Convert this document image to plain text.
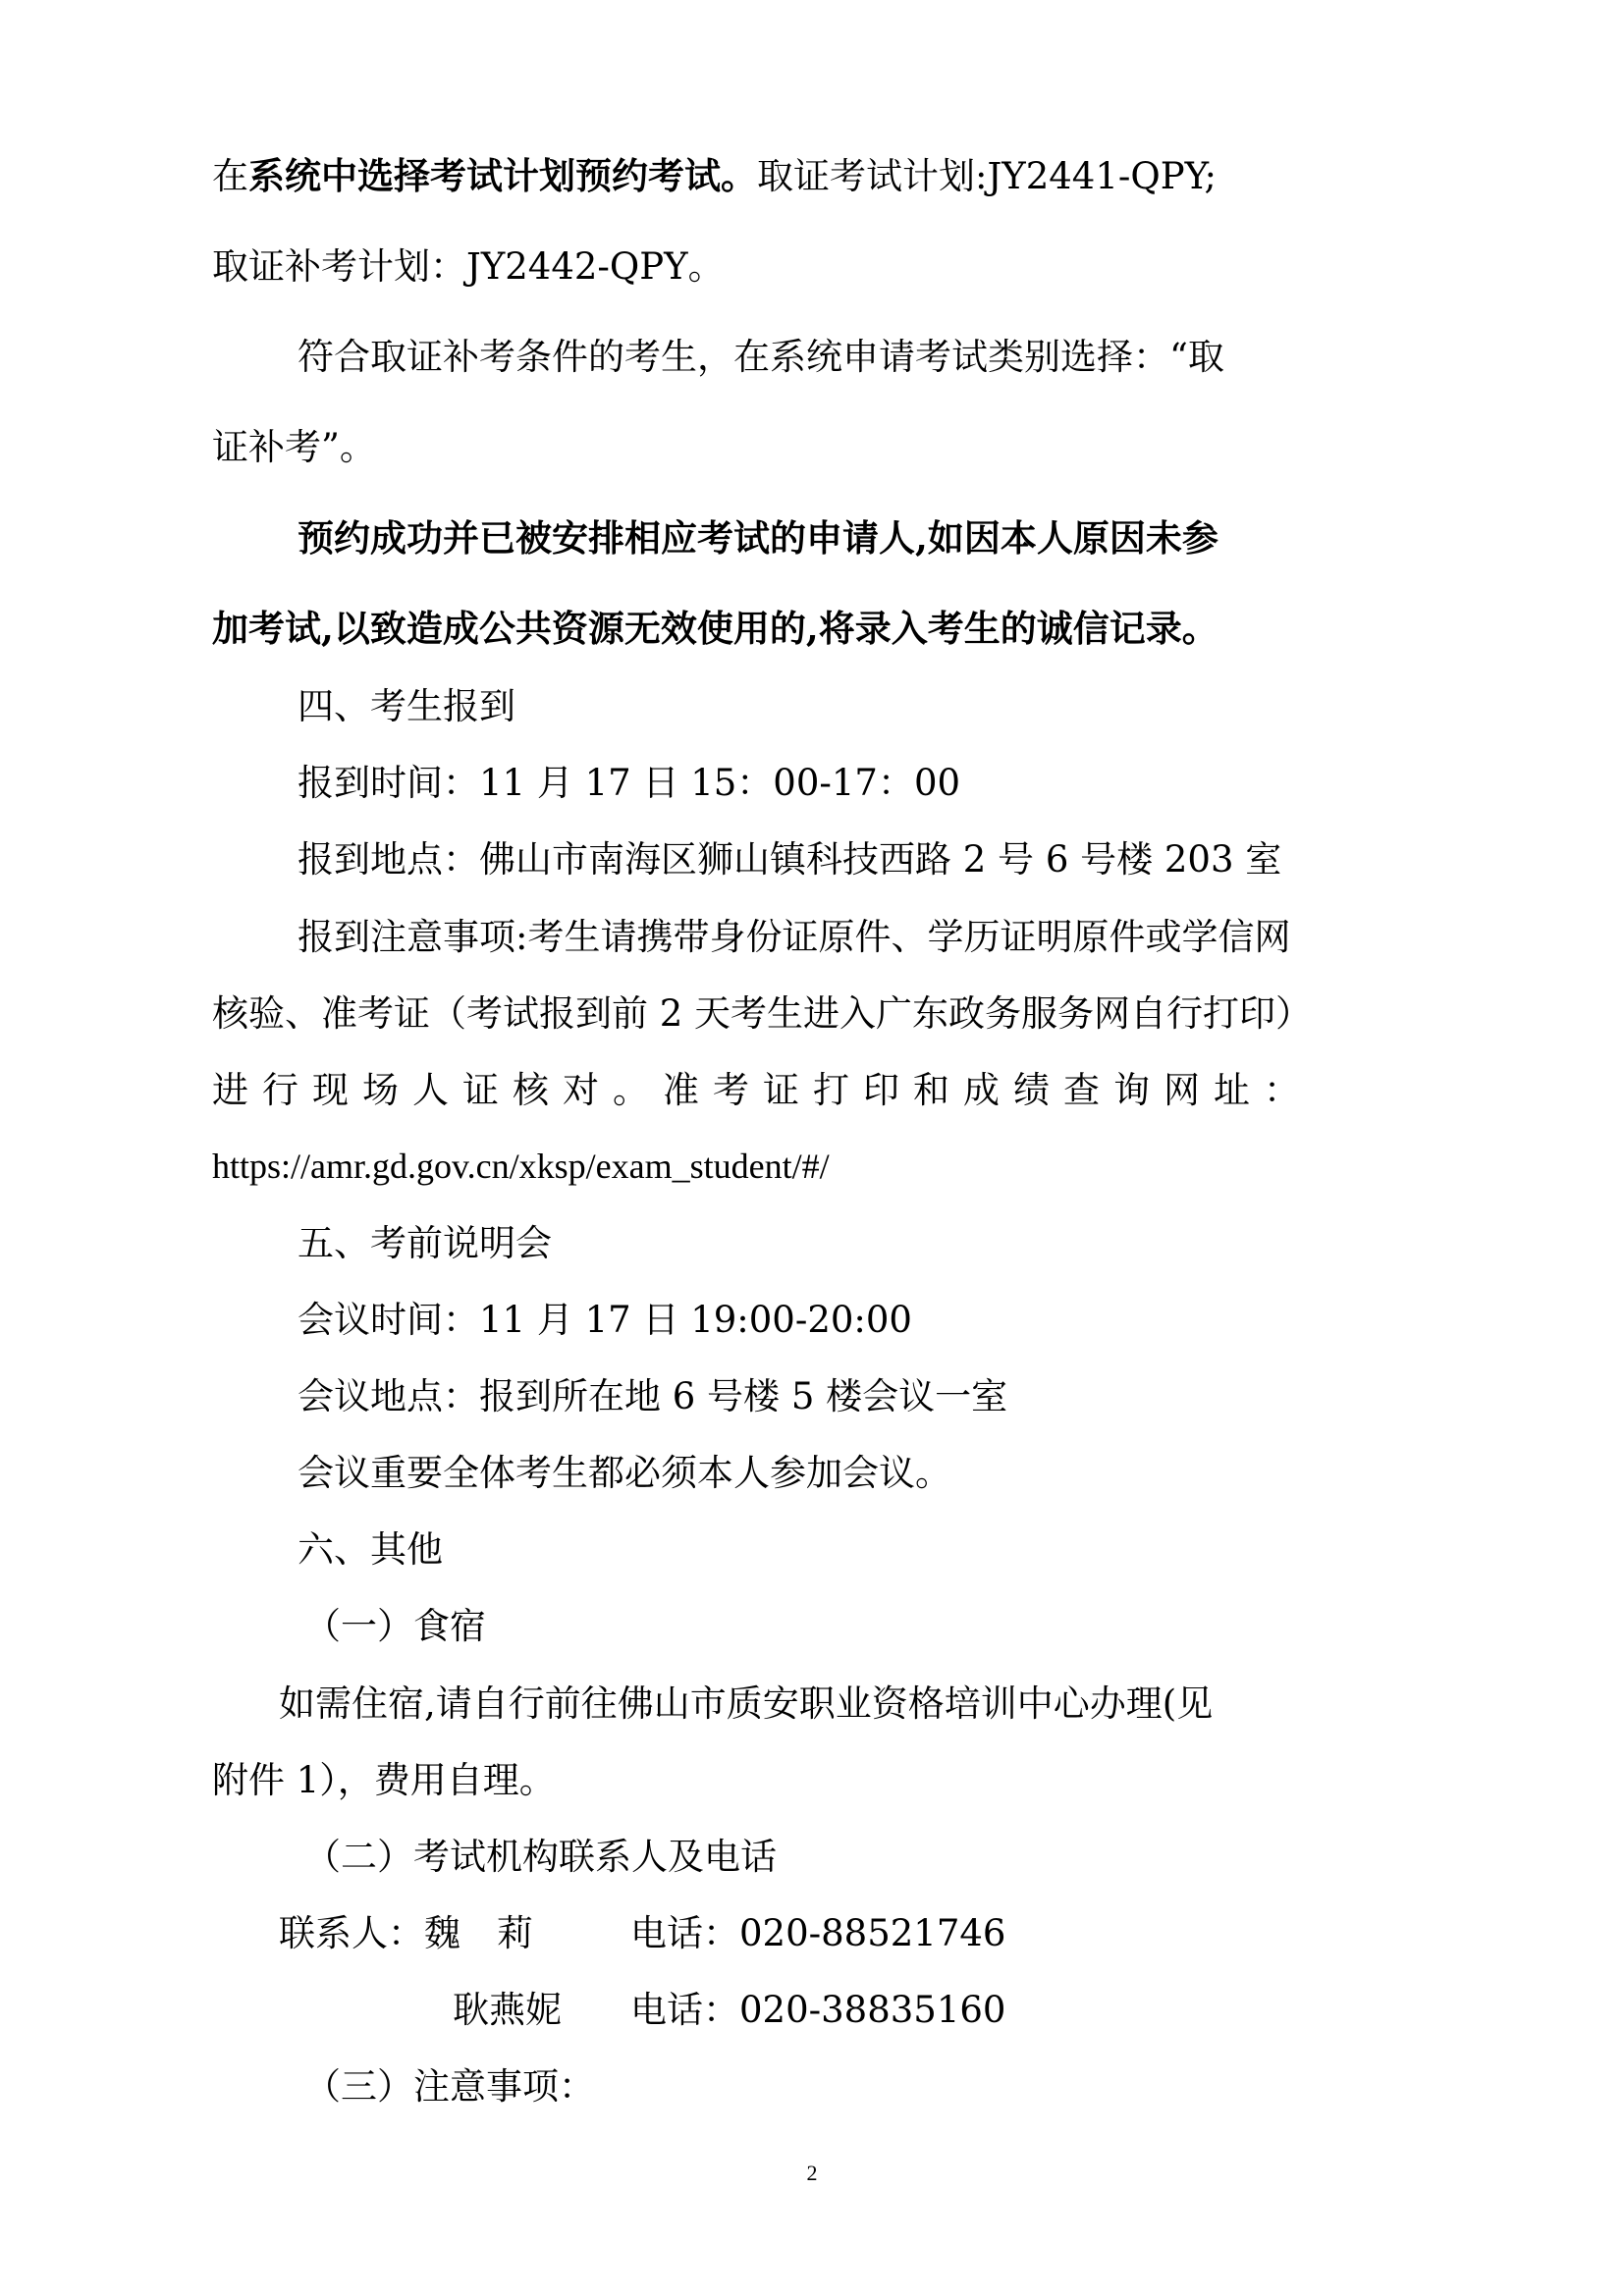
在系统中选择考试计划预约考试。取证考试计划:JY2441-QPY;
取证补考计划：JY2442-QPY。
符合取证补考条件的考生，在系统申请考试类别选择：“取
证补考”。
预约成功并已被安排相应考试的申请人,如因本人原因未参
加考试,以致造成公共资源无效使用的,将录入考生的诚信记录。
四、考生报到
报到时间：11 月 17 日 15：00-17：00
报到地点：佛山市南海区狮山镇科技西路 2 号 6 号楼 203 室
报到注意事项:考生请携带身份证原件、学历证明原件或学信网
核验、准考证（考试报到前 2 天考生进入广东政务服务网自行打印）
进行现场人证核对。准考证打印和成绩查询网址：
https://amr.gd.gov.cn/xksp/exam_student/#/
五、考前说明会
会议时间：11 月 17 日 19:00-20:00
会议地点：报到所在地 6 号楼 5 楼会议一室
会议重要全体考生都必须本人参加会议。
六、其他
（一）食宿
如需住宿,请自行前往佛山市质安职业资格培训中心办理(见
附件 1），费用自理。
（二）考试机构联系人及电话
联系人：魏　莉	电话：020-88521746
耿燕妮 电话：020-38835160
（三）注意事项：
2
